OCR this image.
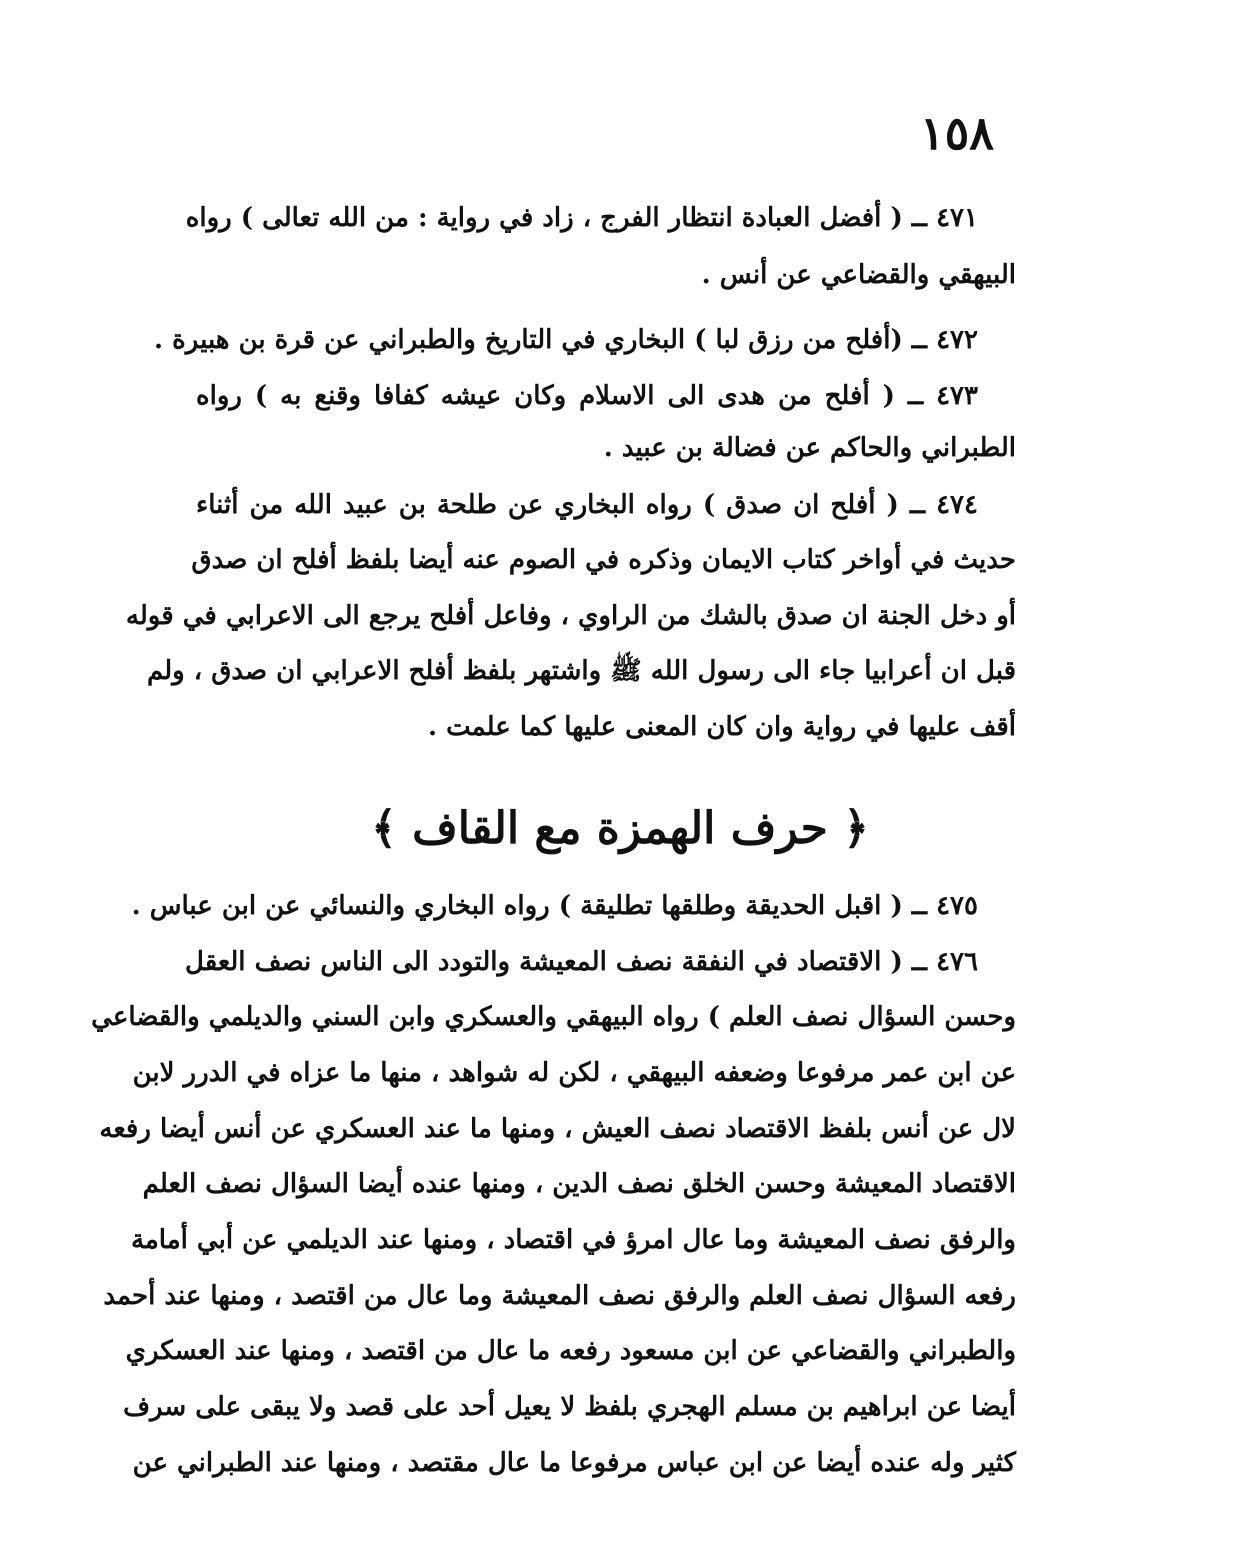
١٥٨
٤٧١ ــ ( أفضل العبادة انتظار الفرج ، زاد في رواية : من الله تعالى ) رواه
البيهقي والقضاعي عن أنس .
٤٧٢ ــ (أفلح من رزق لبا ) البخاري في التاريخ والطبراني عن قرة بن هبيرة .
٤٧٣ ــ ( أفلح من هدى الى الاسلام وكان عيشه كفافا وقنع به ) رواه
الطبراني والحاكم عن فضالة بن عبيد .
٤٧٤ ــ ( أفلح ان صدق ) رواه البخاري عن طلحة بن عبيد الله من أثناء
حديث في أواخر كتاب الايمان وذكره في الصوم عنه أيضا بلفظ أفلح ان صدق
أو دخل الجنة ان صدق بالشك من الراوي ، وفاعل أفلح يرجع الى الاعرابي في قوله
قبل ان أعرابيا جاء الى رسول الله ﷺ واشتهر بلفظ أفلح الاعرابي ان صدق ، ولم
أقف عليها في رواية وان كان المعنى عليها كما علمت .
﴿ حرف الهمزة مع القاف ﴾
٤٧٥ ــ ( اقبل الحديقة وطلقها تطليقة ) رواه البخاري والنسائي عن ابن عباس .
٤٧٦ ــ ( الاقتصاد في النفقة نصف المعيشة والتودد الى الناس نصف العقل
وحسن السؤال نصف العلم ) رواه البيهقي والعسكري وابن السني والديلمي والقضاعي
عن ابن عمر مرفوعا وضعفه البيهقي ، لكن له شواهد ، منها ما عزاه في الدرر لابن
لال عن أنس بلفظ الاقتصاد نصف العيش ، ومنها ما عند العسكري عن أنس أيضا رفعه
الاقتصاد المعيشة وحسن الخلق نصف الدين ، ومنها عنده أيضا السؤال نصف العلم
والرفق نصف المعيشة وما عال امرؤ في اقتصاد ، ومنها عند الديلمي عن أبي أمامة
رفعه السؤال نصف العلم والرفق نصف المعيشة وما عال من اقتصد ، ومنها عند أحمد
والطبراني والقضاعي عن ابن مسعود رفعه ما عال من اقتصد ، ومنها عند العسكري
أيضا عن ابراهيم بن مسلم الهجري بلفظ لا يعيل أحد على قصد ولا يبقى على سرف
كثير وله عنده أيضا عن ابن عباس مرفوعا ما عال مقتصد ، ومنها عند الطبراني عن
